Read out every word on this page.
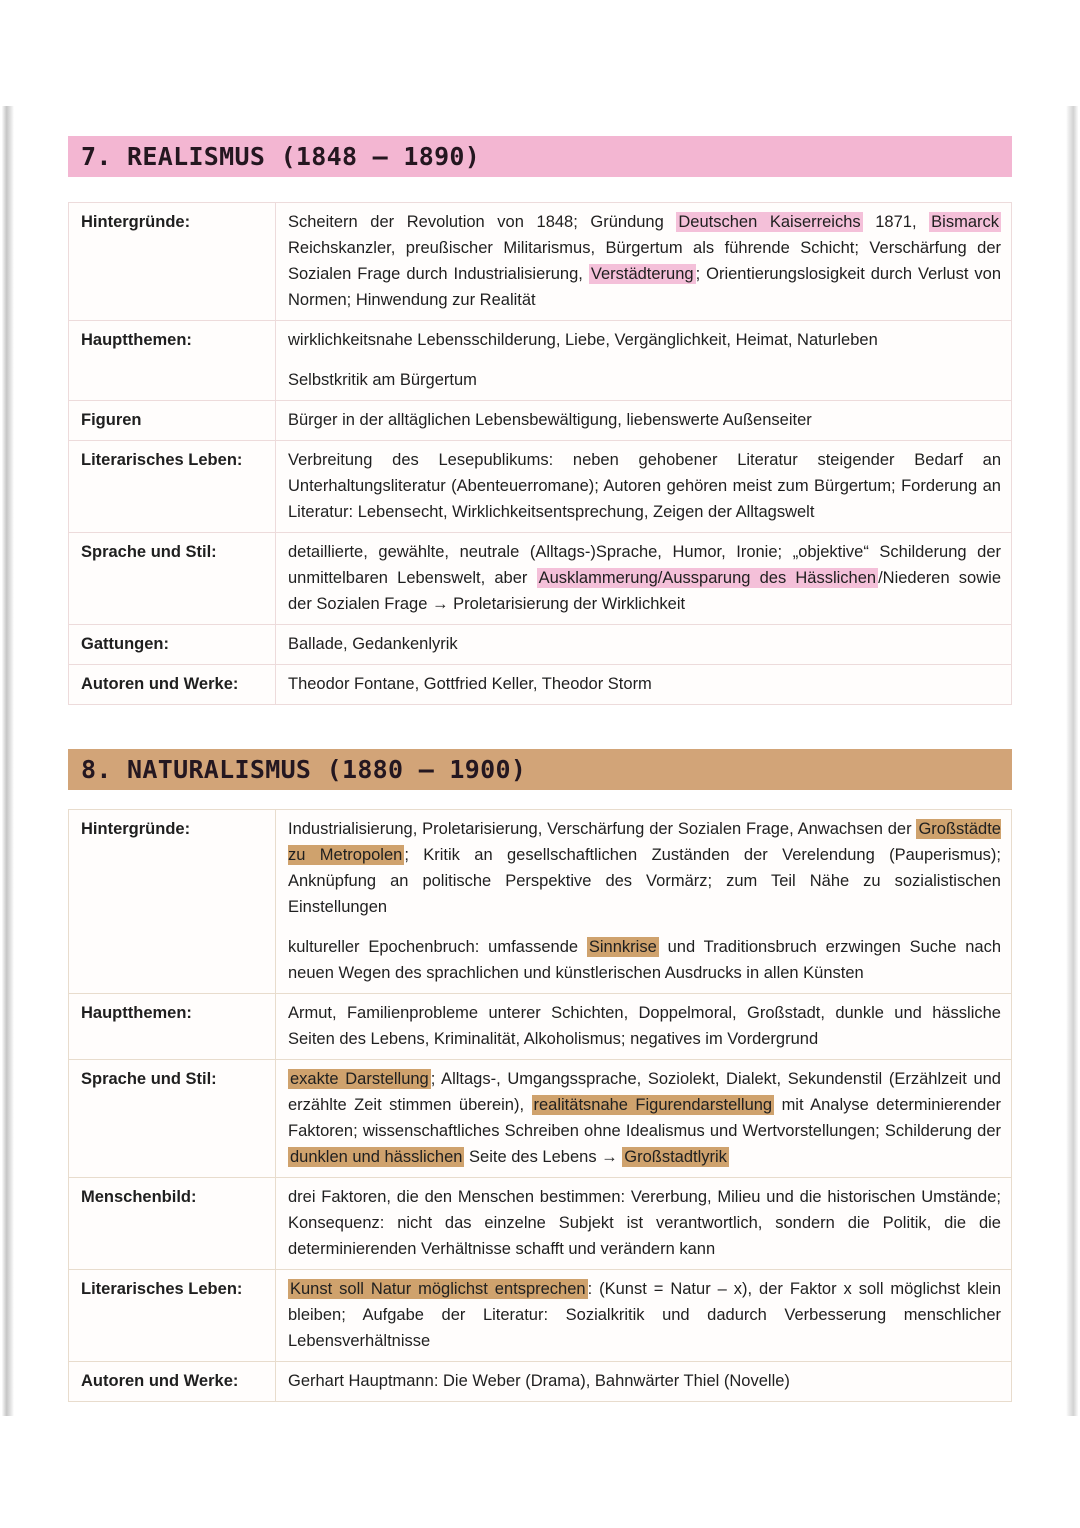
7. REALISMUS (1848 – 1890)
Hintergründe:	Scheitern der Revolution von 1848; Gründung Deutschen Kaiserreichs 1871, Bismarck Reichskanzler, preußischer Militarismus, Bürgertum als führende Schicht; Verschärfung der Sozialen Frage durch Industrialisierung, Verstädterung ; Orientierungslosigkeit durch Verlust von Normen; Hinwendung zur Realität

Hauptthemen:	wirklichkeitsnahe Lebensschilderung, Liebe, Vergänglichkeit, Heimat, Naturleben

Selbstkritik am Bürgertum

Figuren	Bürger in der alltäglichen Lebensbewältigung, liebenswerte Außenseiter

Literarisches Leben:	Verbreitung des Lesepublikums: neben gehobener Literatur steigender Bedarf an Unterhaltungsliteratur (Abenteuerromane); Autoren gehören meist zum Bürgertum; Forderung an Literatur: Lebensecht, Wirklichkeitsentsprechung, Zeigen der Alltagswelt

Sprache und Stil:	detaillierte, gewählte, neutrale (Alltags-)Sprache, Humor, Ironie; „objektive“ Schilderung der unmittelbaren Lebenswelt, aber Ausklammerung/Aussparung des Hässlichen /Niederen sowie der Sozialen Frage → Proletarisierung der Wirklichkeit

Gattungen:	Ballade, Gedankenlyrik

Autoren und Werke:	Theodor Fontane, Gottfried Keller, Theodor Storm

8. NATURALISMUS (1880 – 1900)
Hintergründe:	Industrialisierung, Proletarisierung, Verschärfung der Sozialen Frage, Anwachsen der Großstädte zu Metropolen ; Kritik an gesellschaftlichen Zuständen der Verelendung (Pauperismus); Anknüpfung an politische Perspektive des Vormärz; zum Teil Nähe zu sozialistischen Einstellungen

kultureller Epochenbruch: umfassende Sinnkrise und Traditionsbruch erzwingen Suche nach neuen Wegen des sprachlichen und künstlerischen Ausdrucks in allen Künsten

Hauptthemen:	Armut, Familienprobleme unterer Schichten, Doppelmoral, Großstadt, dunkle und hässliche Seiten des Lebens, Kriminalität, Alkoholismus; negatives im Vordergrund

Sprache und Stil:	exakte Darstellung ; Alltags-, Umgangssprache, Soziolekt, Dialekt, Sekundenstil (Erzählzeit und erzählte Zeit stimmen überein), realitätsnahe Figurendarstellung mit Analyse determinierender Faktoren; wissenschaftliches Schreiben ohne Idealismus und Wertvorstellungen; Schilderung der dunklen und hässlichen Seite des Lebens → Großstadtlyrik

Menschenbild:	drei Faktoren, die den Menschen bestimmen: Vererbung, Milieu und die historischen Umstände; Konsequenz: nicht das einzelne Subjekt ist verantwortlich, sondern die Politik, die die determinierenden Verhältnisse schafft und verändern kann

Literarisches Leben:	Kunst soll Natur möglichst entsprechen : (Kunst = Natur – x), der Faktor x soll möglichst klein bleiben; Aufgabe der Literatur: Sozialkritik und dadurch Verbesserung menschlicher Lebensverhältnisse

Autoren und Werke:	Gerhart Hauptmann: Die Weber (Drama), Bahnwärter Thiel (Novelle)
